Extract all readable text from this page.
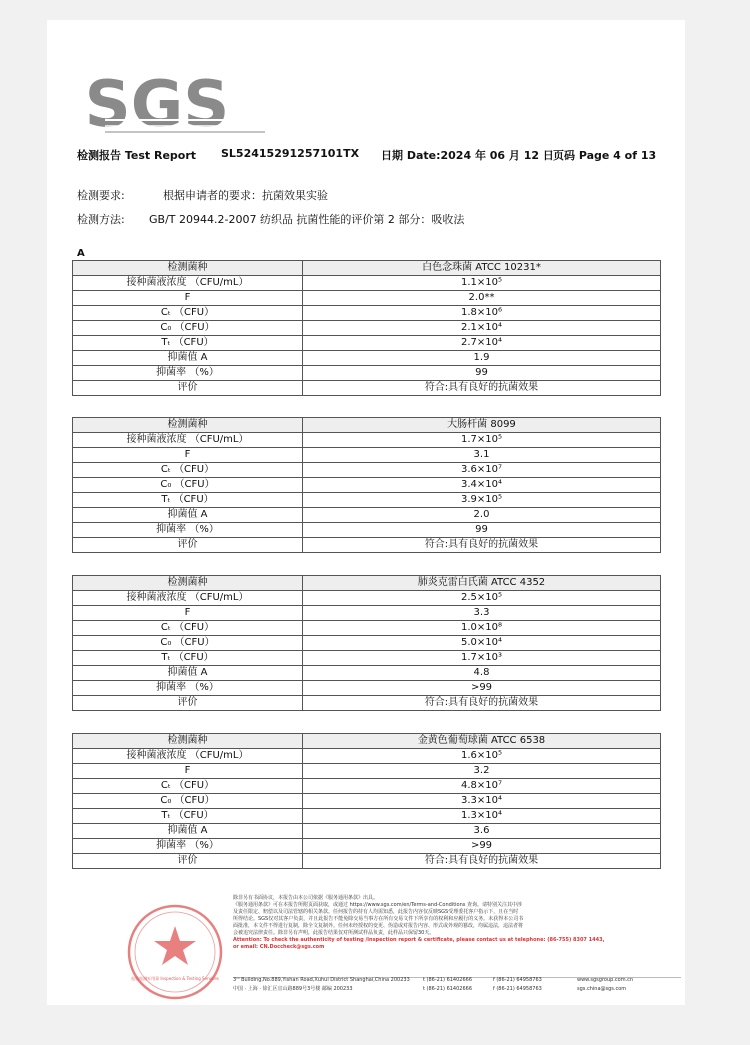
SGS
检测报告 Test Report SL52415291257101TX 日期 Date:2024 年 06 月 12 日 页码 Page 4 of 13
检测要求:	根据申请者的要求：抗菌效果实验
检测方法: GB/T 20944.2-2007 纺织品 抗菌性能的评价第 2 部分：吸收法
A
检测菌种	白色念珠菌 ATCC 10231*
接种菌液浓度 （CFU/mL）	1.1×10⁵
F	2.0**
Cₜ （CFU）	1.8×10⁶
C₀ （CFU）	2.1×10⁴
Tₜ （CFU）	2.7×10⁴
抑菌值 A	1.9
抑菌率 （%）	99
评价	符合:具有良好的抗菌效果
检测菌种	大肠杆菌 8099
接种菌液浓度 （CFU/mL）	1.7×10⁵
F	3.1
Cₜ （CFU）	3.6×10⁷
C₀ （CFU）	3.4×10⁴
Tₜ （CFU）	3.9×10⁵
抑菌值 A	2.0
抑菌率 （%）	99
评价	符合:具有良好的抗菌效果
检测菌种	肺炎克雷白氏菌 ATCC 4352
接种菌液浓度 （CFU/mL）	2.5×10⁵
F	3.3
Cₜ （CFU）	1.0×10⁸
C₀ （CFU）	5.0×10⁴
Tₜ （CFU）	1.7×10³
抑菌值 A	4.8
抑菌率 （%）	>99
评价	符合:具有良好的抗菌效果
检测菌种	金黄色葡萄球菌 ATCC 6538
接种菌液浓度 （CFU/mL）	1.6×10⁵
F	3.2
Cₜ （CFU）	4.8×10⁷
C₀ （CFU）	3.3×10⁴
Tₜ （CFU）	1.3×10⁴
抑菌值 A	3.6
抑菌率 （%）	>99
评价	符合:具有良好的抗菌效果
检验检测专用章 Inspection & Testing Services
除非另有书面协议，本报告由本公司依据《服务通用条款》出具。
《服务通用条款》可在本报告所附页面获取，或通过 https://www.sgs.com/en/Terms-and-Conditions 查询。请特别关注其中涉
及责任限定、赔偿以及司法管辖的相关条款。任何报告的持有人均需知悉，此报告内容仅反映SGS受理委托客户指示下，且在当时
所得结论。SGS仅对其客户负责，并且此报告不能免除交易当事方在所有交易文件下所享有的权利和应履行的义务。未获得本公司书
面批准，本文件不得进行复制，除全文复制外。任何未经授权的变更、伪造或对报告内容、形式或外观的篡改，均属违法，违法者将
会被追究法律责任。除非另有声明，此报告结果仅对所测试样品负责，此样品只保留30天。
Attention: To check the authenticity of testing /inspection report & certificate, please contact us at telephone: (86-755) 8307 1443,
or email: CN.Doccheck@sgs.com
3ʳᵈ Building,No.889,Yishan Road,Xuhui District Shanghai,China 200233
中国 · 上海 · 徐汇区宜山路889号3号楼 邮编 200233
t (86-21) 61402666
t (86-21) 61402666
f (86-21) 64958763
f (86-21) 64958763
www.sgsgroup.com.cn
sgs.china@sgs.com
